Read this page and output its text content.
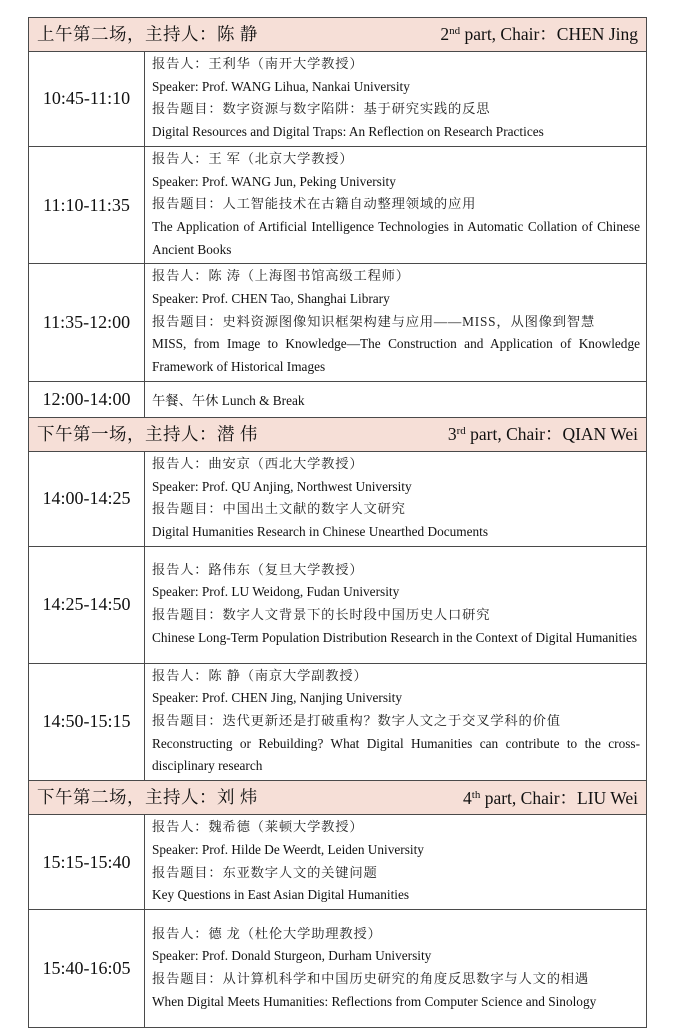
上午第二场，主持人：陈 静 2nd part, Chair：CHEN Jing	

10:45-11:10	报告人：王利华（南开大学教授）

Speaker: Prof. WANG Lihua, Nankai University

报告题目：数字资源与数字陷阱：基于研究实践的反思

Digital Resources and Digital Traps: An Reflection on Research Practices

11:10-11:35	报告人：王 军（北京大学教授）

Speaker: Prof. WANG Jun, Peking University

报告题目：人工智能技术在古籍自动整理领域的应用

The Application of Artificial Intelligence Technologies in Automatic Collation of Chinese Ancient Books

11:35-12:00	报告人：陈 涛（上海图书馆高级工程师）

Speaker: Prof. CHEN Tao, Shanghai Library

报告题目：史料资源图像知识框架构建与应用——MISS，从图像到智慧

MISS, from Image to Knowledge—The Construction and Application of Knowledge Framework of Historical Images

12:00-14:00	午餐、午休 Lunch & Break

下午第一场，主持人：潜 伟 3rd part, Chair：QIAN Wei	

14:00-14:25	报告人：曲安京（西北大学教授）

Speaker: Prof. QU Anjing, Northwest University

报告题目：中国出土文献的数字人文研究

Digital Humanities Research in Chinese Unearthed Documents

14:25-14:50	报告人：路伟东（复旦大学教授）

Speaker: Prof. LU Weidong, Fudan University

报告题目：数字人文背景下的长时段中国历史人口研究

Chinese Long-Term Population Distribution Research in the Context of Digital Humanities

14:50-15:15	报告人：陈 静（南京大学副教授）

Speaker: Prof. CHEN Jing, Nanjing University

报告题目：迭代更新还是打破重构？数字人文之于交叉学科的价值

Reconstructing or Rebuilding? What Digital Humanities can contribute to the cross-disciplinary research

下午第二场，主持人：刘 炜 4th part, Chair：LIU Wei	

15:15-15:40	报告人：魏希德（莱顿大学教授）

Speaker: Prof. Hilde De Weerdt, Leiden University

报告题目：东亚数字人文的关键问题

Key Questions in East Asian Digital Humanities

15:40-16:05	报告人：德 龙（杜伦大学助理教授）

Speaker: Prof. Donald Sturgeon, Durham University

报告题目：从计算机科学和中国历史研究的角度反思数字与人文的相遇

When Digital Meets Humanities: Reflections from Computer Science and Sinology
